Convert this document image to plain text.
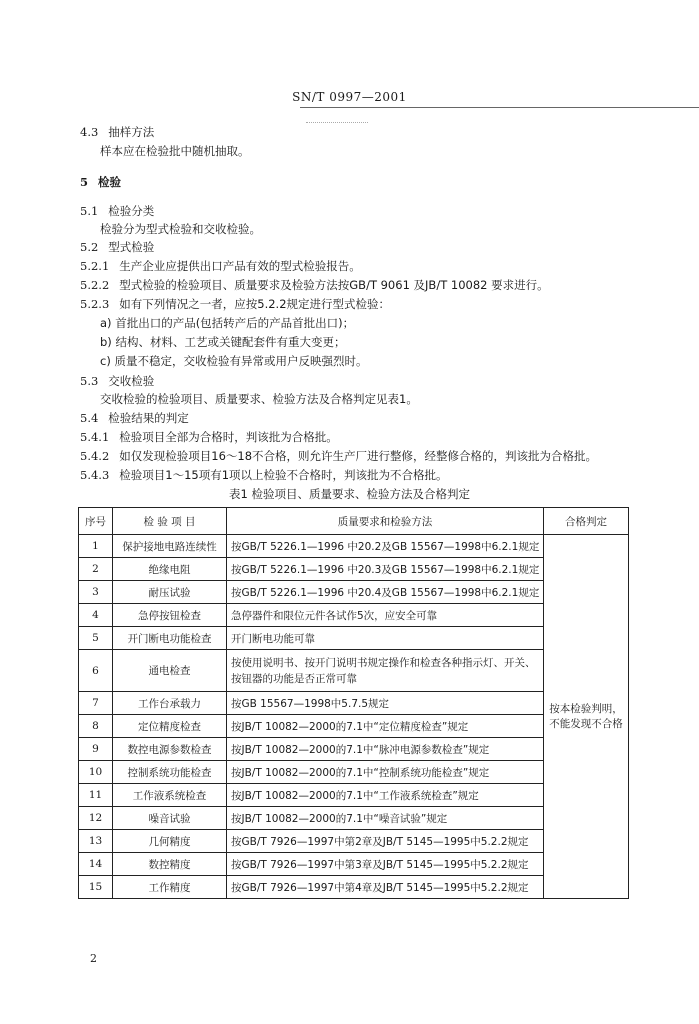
SN/T 0997—2001
4.3 抽样方法
样本应在检验批中随机抽取。
5 检验
5.1 检验分类
检验分为型式检验和交收检验。
5.2 型式检验
5.2.1 生产企业应提供出口产品有效的型式检验报告。
5.2.2 型式检验的检验项目、质量要求及检验方法按GB/T 9061 及JB/T 10082 要求进行。
5.2.3 如有下列情况之一者，应按5.2.2规定进行型式检验：
a) 首批出口的产品(包括转产后的产品首批出口)；
b) 结构、材料、工艺或关键配套件有重大变更；
c) 质量不稳定，交收检验有异常或用户反映强烈时。
5.3 交收检验
交收检验的检验项目、质量要求、检验方法及合格判定见表1。
5.4 检验结果的判定
5.4.1 检验项目全部为合格时，判该批为合格批。
5.4.2 如仅发现检验项目16～18不合格，则允许生产厂进行整修，经整修合格的，判该批为合格批。
5.4.3 检验项目1～15项有1项以上检验不合格时，判该批为不合格批。
表1 检验项目、质量要求、检验方法及合格判定
序号	检 验 项 目	质量要求和检验方法	合格判定
1	保护接地电路连续性	按GB/T 5226.1—1996 中20.2及GB 15567—1998中6.2.1规定	按本检验判明，不能发现不合格
2	绝缘电阻	按GB/T 5226.1—1996 中20.3及GB 15567—1998中6.2.1规定	
3	耐压试验	按GB/T 5226.1—1996 中20.4及GB 15567—1998中6.2.1规定	
4	急停按钮检查	急停器件和限位元件各试作5次，应安全可靠	
5	开门断电功能检查	开门断电功能可靠	
6	通电检查	按使用说明书、按开门说明书规定操作和检查各种指示灯、开关、按钮器的功能是否正常可靠	
7	工作台承载力	按GB 15567—1998中5.7.5规定	
8	定位精度检查	按JB/T 10082—2000的7.1中“定位精度检查”规定	
9	数控电源参数检查	按JB/T 10082—2000的7.1中“脉冲电源参数检查”规定	
10	控制系统功能检查	按JB/T 10082—2000的7.1中“控制系统功能检查”规定	
11	工作液系统检查	按JB/T 10082—2000的7.1中“工作液系统检查”规定	
12	噪音试验	按JB/T 10082—2000的7.1中“噪音试验”规定	
13	几何精度	按GB/T 7926—1997中第2章及JB/T 5145—1995中5.2.2规定	
14	数控精度	按GB/T 7926—1997中第3章及JB/T 5145—1995中5.2.2规定	
15	工作精度	按GB/T 7926—1997中第4章及JB/T 5145—1995中5.2.2规定	
2
